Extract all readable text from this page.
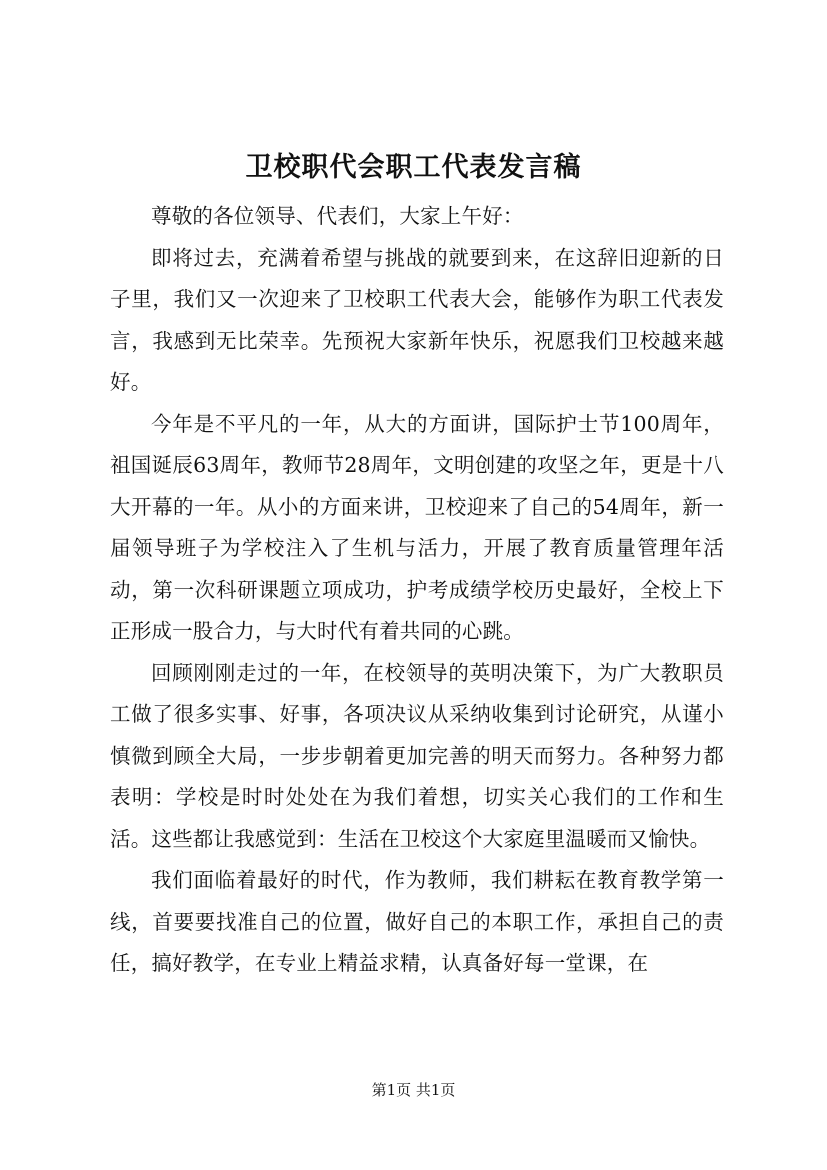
卫校职代会职工代表发言稿

尊敬的各位领导、代表们，大家上午好：

即将过去，充满着希望与挑战的就要到来，在这辞旧迎新的日子里，我们又一次迎来了卫校职工代表大会，能够作为职工代表发言，我感到无比荣幸。先预祝大家新年快乐，祝愿我们卫校越来越好。

今年是不平凡的一年，从大的方面讲，国际护士节100周年，祖国诞辰63周年，教师节28周年，文明创建的攻坚之年，更是十八大开幕的一年。从小的方面来讲，卫校迎来了自己的54周年，新一届领导班子为学校注入了生机与活力，开展了教育质量管理年活动，第一次科研课题立项成功，护考成绩学校历史最好，全校上下正形成一股合力，与大时代有着共同的心跳。

回顾刚刚走过的一年，在校领导的英明决策下，为广大教职员工做了很多实事、好事，各项决议从采纳收集到讨论研究，从谨小慎微到顾全大局，一步步朝着更加完善的明天而努力。各种努力都表明：学校是时时处处在为我们着想，切实关心我们的工作和生活。这些都让我感觉到：生活在卫校这个大家庭里温暖而又愉快。

我们面临着最好的时代，作为教师，我们耕耘在教育教学第一线，首要要找准自己的位置，做好自己的本职工作，承担自己的责任，搞好教学，在专业上精益求精，认真备好每一堂课，在

第1页 共1页
